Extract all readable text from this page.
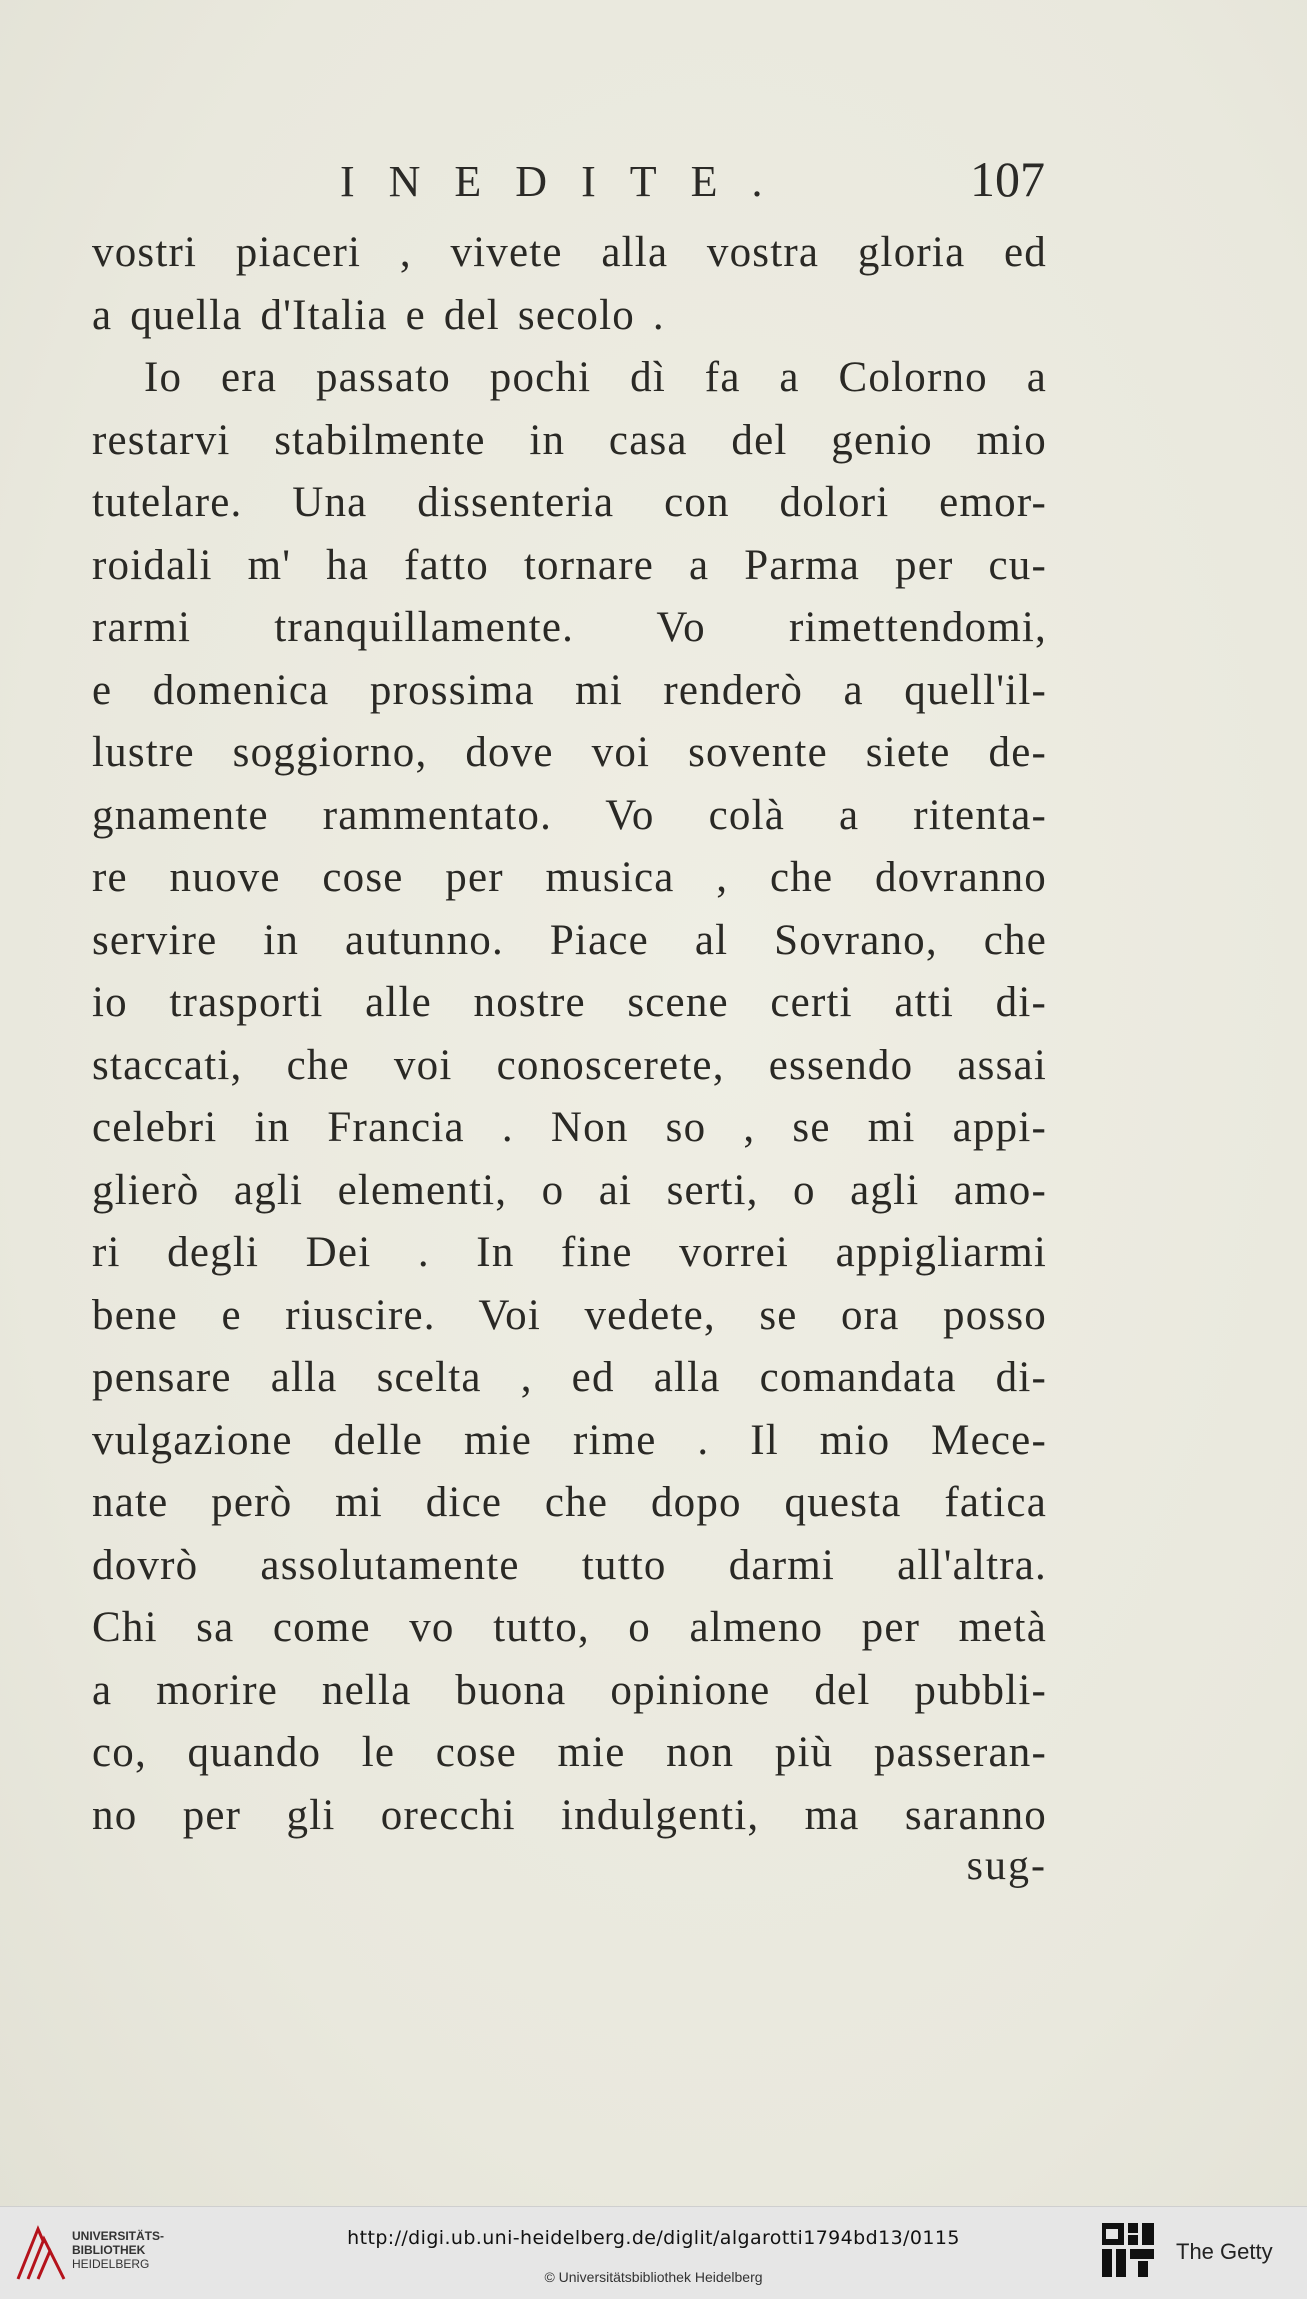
INEDITE.	107
vostri piaceri , vivete alla vostra gloria ed
a quella d'Italia e del secolo .
Io era passato pochi dì fa a Colorno a
restarvi stabilmente in casa del genio mio
tutelare. Una dissenteria con dolori emor-
roidali m' ha fatto tornare a Parma per cu-
rarmi tranquillamente. Vo rimettendomi,
e domenica prossima mi renderò a quell'il-
lustre soggiorno, dove voi sovente siete de-
gnamente rammentato. Vo colà a ritenta-
re nuove cose per musica , che dovranno
servire in autunno. Piace al Sovrano, che
io trasporti alle nostre scene certi atti di-
staccati, che voi conoscerete, essendo assai
celebri in Francia . Non so , se mi appi-
glierò agli elementi, o ai serti, o agli amo-
ri degli Dei . In fine vorrei appigliarmi
bene e riuscire. Voi vedete, se ora posso
pensare alla scelta , ed alla comandata di-
vulgazione delle mie rime . Il mio Mece-
nate però mi dice che dopo questa fatica
dovrò assolutamente tutto darmi all'altra.
Chi sa come vo tutto, o almeno per metà
a morire nella buona opinione del pubbli-
co, quando le cose mie non più passeran-
no per gli orecchi indulgenti, ma saranno
sug-
UNIVERSITÄTS-
BIBLIOTHEK
HEIDELBERG
http://digi.ub.uni-heidelberg.de/diglit/algarotti1794bd13/0115
© Universitätsbibliothek Heidelberg
The Getty
